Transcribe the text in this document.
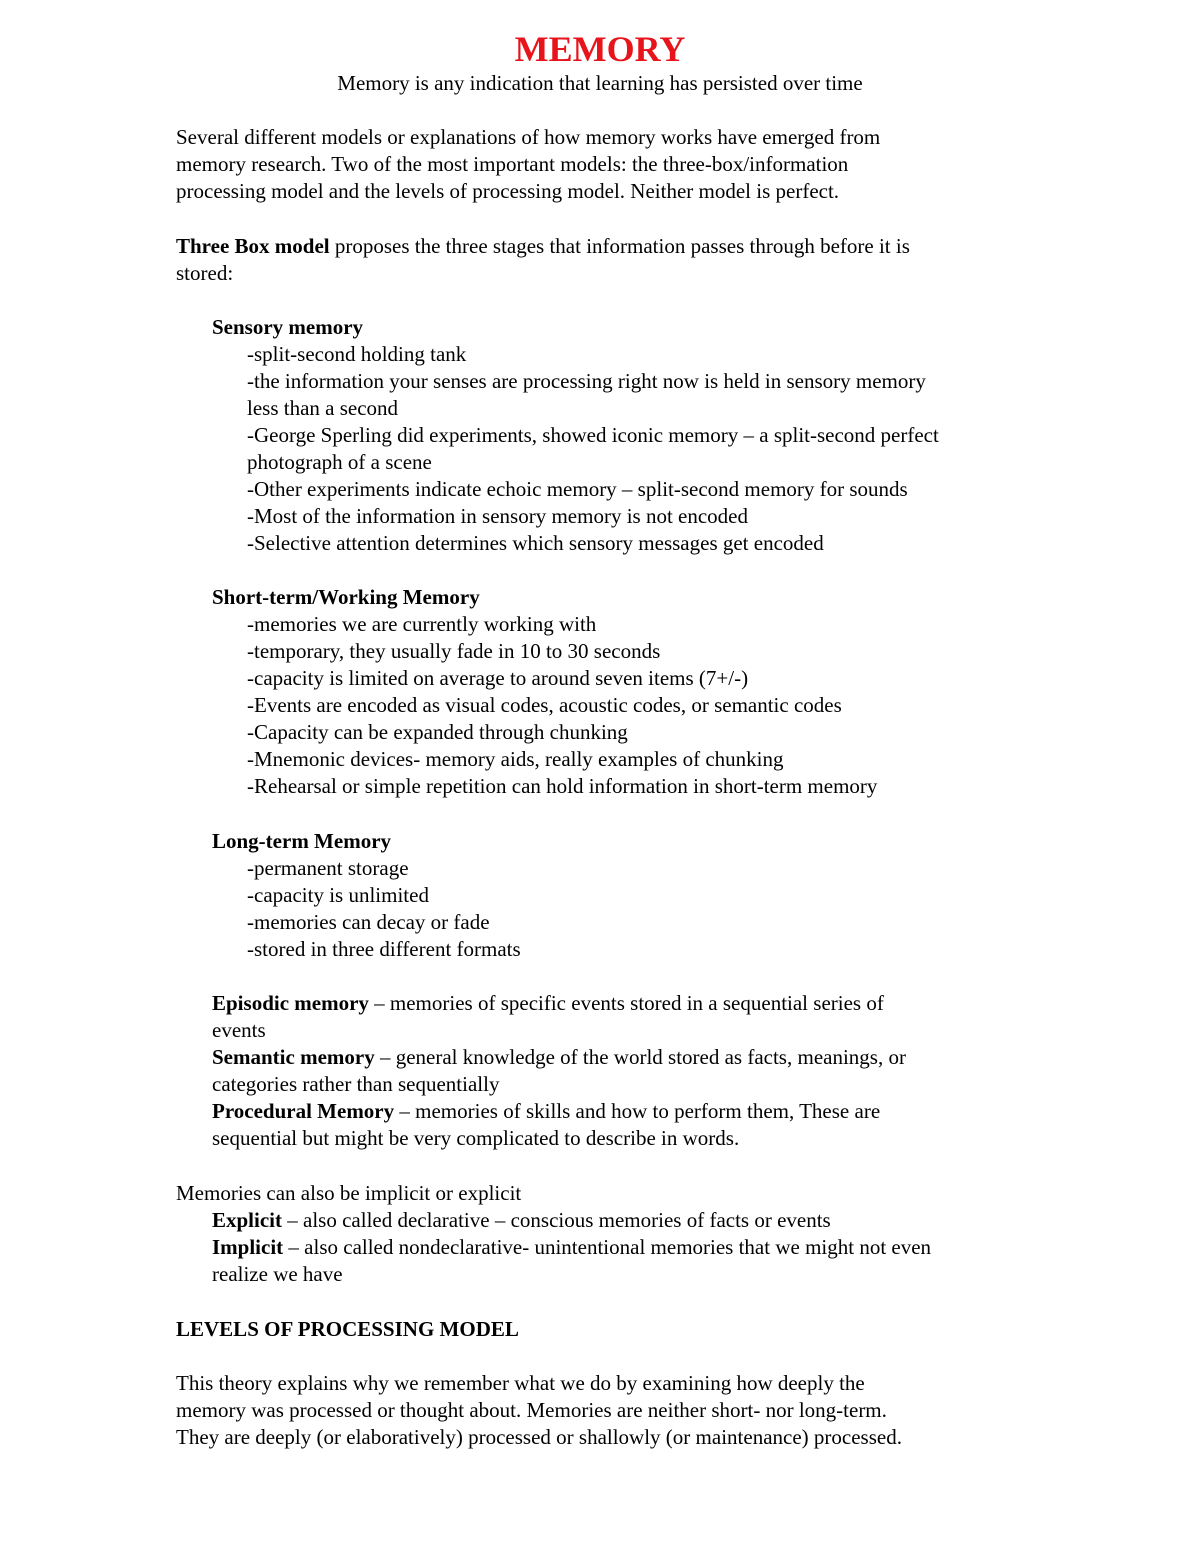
MEMORY
Memory is any indication that learning has persisted over time
Several different models or explanations of how memory works have emerged from
memory research. Two of the most important models: the three-box/information
processing model and the levels of processing model. Neither model is perfect.
Three Box model proposes the three stages that information passes through before it is
stored:
Sensory memory
-split-second holding tank
-the information your senses are processing right now is held in sensory memory
less than a second
-George Sperling did experiments, showed iconic memory – a split-second perfect
photograph of a scene
-Other experiments indicate echoic memory – split-second memory for sounds
-Most of the information in sensory memory is not encoded
-Selective attention determines which sensory messages get encoded
Short-term/Working Memory
-memories we are currently working with
-temporary, they usually fade in 10 to 30 seconds
-capacity is limited on average to around seven items (7+/-)
-Events are encoded as visual codes, acoustic codes, or semantic codes
-Capacity can be expanded through chunking
-Mnemonic devices- memory aids, really examples of chunking
-Rehearsal or simple repetition can hold information in short-term memory
Long-term Memory
-permanent storage
-capacity is unlimited
-memories can decay or fade
-stored in three different formats
Episodic memory – memories of specific events stored in a sequential series of
events
Semantic memory – general knowledge of the world stored as facts, meanings, or
categories rather than sequentially
Procedural Memory – memories of skills and how to perform them, These are
sequential but might be very complicated to describe in words.
Memories can also be implicit or explicit
Explicit – also called declarative – conscious memories of facts or events
Implicit – also called nondeclarative- unintentional memories that we might not even
realize we have
LEVELS OF PROCESSING MODEL
This theory explains why we remember what we do by examining how deeply the
memory was processed or thought about. Memories are neither short- nor long-term.
They are deeply (or elaboratively) processed or shallowly (or maintenance) processed.
